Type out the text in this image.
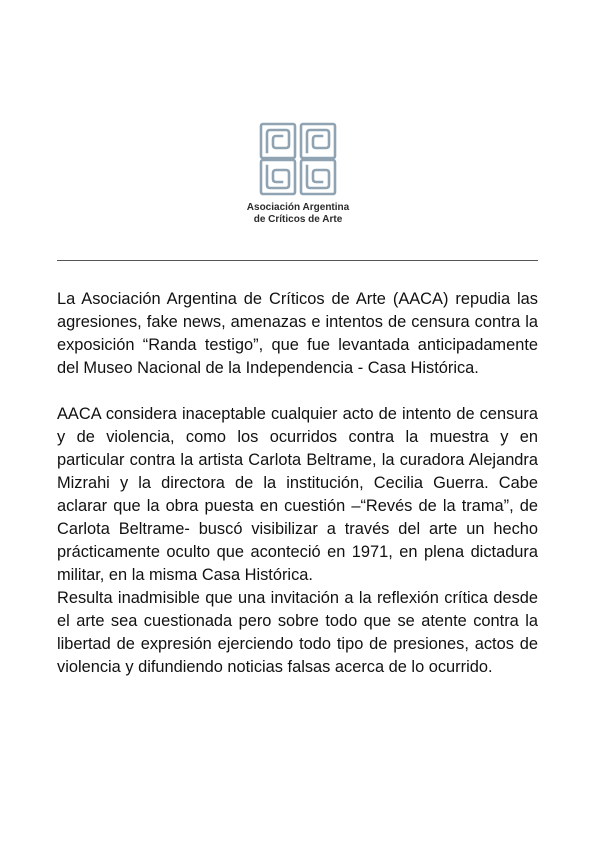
Asociación Argentina
de Críticos de Arte

La Asociación Argentina de Críticos de Arte (AACA) repudia las agresiones, fake news, amenazas e intentos de censura contra la exposición “Randa testigo”, que fue levantada anticipadamente del Museo Nacional de la Independencia - Casa Histórica.

AACA considera inaceptable cualquier acto de intento de censura y de violencia, como los ocurridos contra la muestra y en particular contra la artista Carlota Beltrame, la curadora Alejandra Mizrahi y la directora de la institución, Cecilia Guerra. Cabe aclarar que la obra puesta en cuestión –“Revés de la trama”, de Carlota Beltrame- buscó visibilizar a través del arte un hecho prácticamente oculto que aconteció en 1971, en plena dictadura militar, en la misma Casa Histórica.

Resulta inadmisible que una invitación a la reflexión crítica desde el arte sea cuestionada pero sobre todo que se atente contra la libertad de expresión ejerciendo todo tipo de presiones, actos de violencia y difundiendo noticias falsas acerca de lo ocurrido.
